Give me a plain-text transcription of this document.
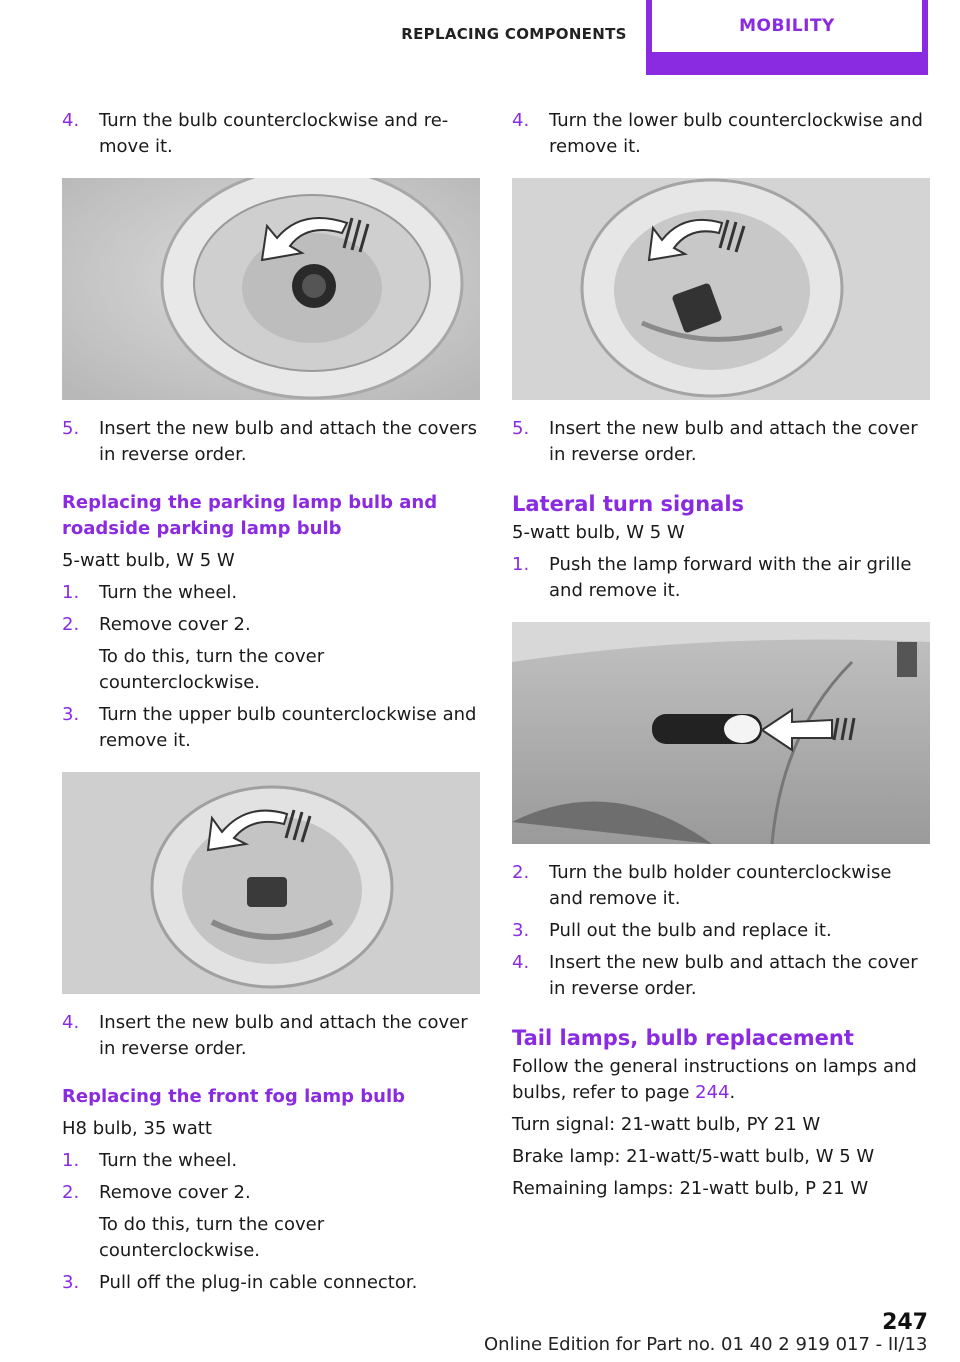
REPLACING COMPONENTS	MOBILITY
4. Turn the bulb counterclockwise and re‐move it.
5. Insert the new bulb and attach the covers in reverse order.
Replacing the parking lamp bulb and roadside parking lamp bulb

5-watt bulb, W 5 W

1. Turn the wheel.
2. Remove cover 2.
To do this, turn the cover counterclockwise.
3. Turn the upper bulb counterclockwise and remove it.
4. Insert the new bulb and attach the cover in reverse order.
Replacing the front fog lamp bulb

H8 bulb, 35 watt

1. Turn the wheel.
2. Remove cover 2.
To do this, turn the cover counterclockwise.
3. Pull off the plug-in cable connector.
4. Turn the lower bulb counterclockwise and remove it.
5. Insert the new bulb and attach the cover in reverse order.
Lateral turn signals

5-watt bulb, W 5 W

1. Push the lamp forward with the air grille and remove it.
2. Turn the bulb holder counterclockwise and remove it.
3. Pull out the bulb and replace it.
4. Insert the new bulb and attach the cover in reverse order.
Tail lamps, bulb replacement

Follow the general instructions on lamps and bulbs, refer to page 244.

Turn signal: 21-watt bulb, PY 21 W

Brake lamp: 21-watt/5-watt bulb, W 5 W

Remaining lamps: 21-watt bulb, P 21 W

247
Online Edition for Part no. 01 40 2 919 017 - II/13
